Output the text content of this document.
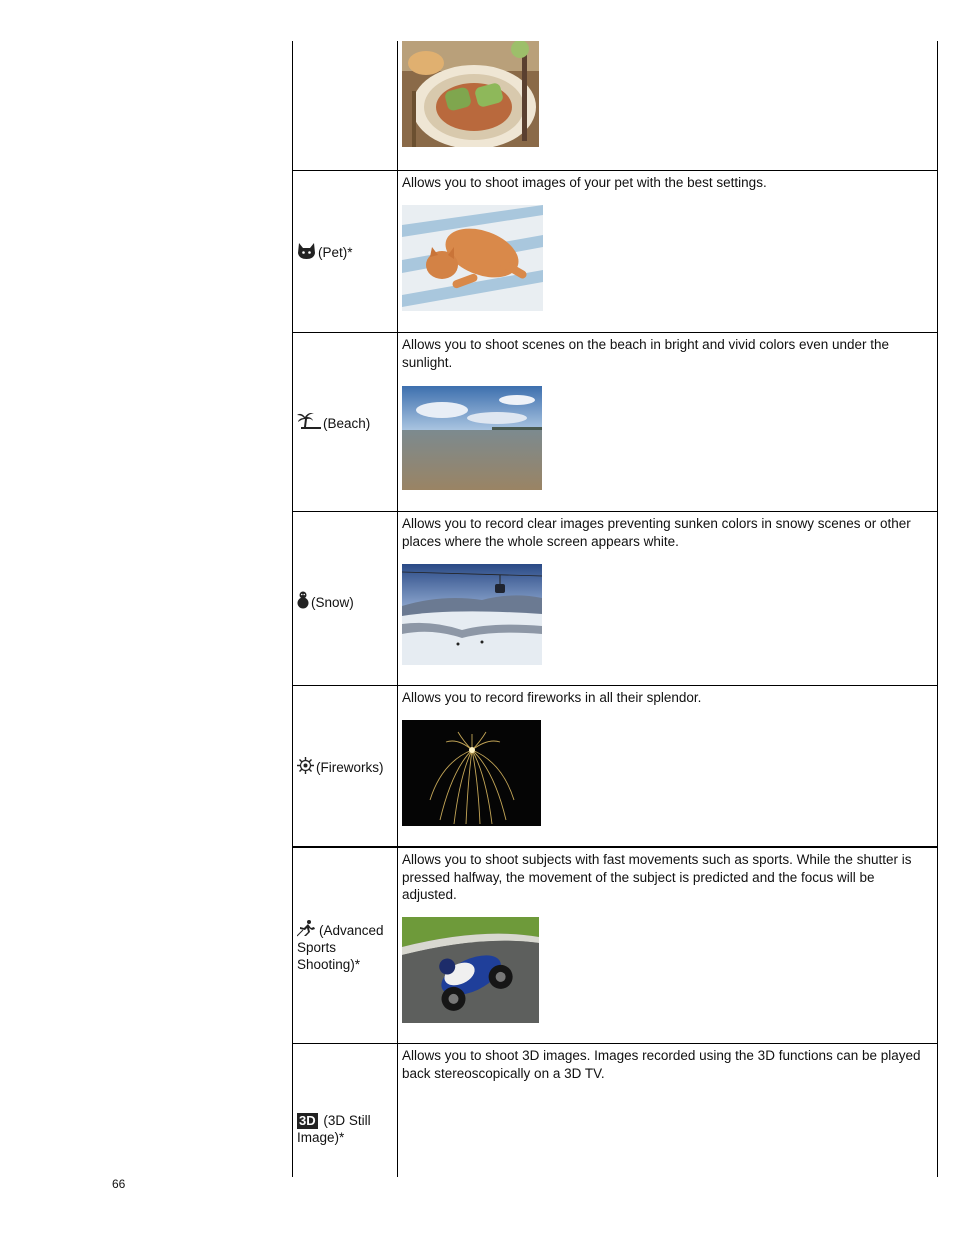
(Pet)*
Allows you to shoot images of your pet with the best settings.
(Beach)
Allows you to shoot scenes on the beach in bright and vivid colors even under the sunlight.
(Snow)
Allows you to record clear images preventing sunken colors in snowy scenes or other places where the whole screen appears white.
(Fireworks)
Allows you to record fireworks in all their splendor.
(Advanced Sports Shooting)*
Allows you to shoot subjects with fast movements such as sports. While the shutter is pressed halfway, the movement of the subject is predicted and the focus will be adjusted.
3D (3D Still Image)*
Allows you to shoot 3D images. Images recorded using the 3D functions can be played back stereoscopically on a 3D TV.
66
